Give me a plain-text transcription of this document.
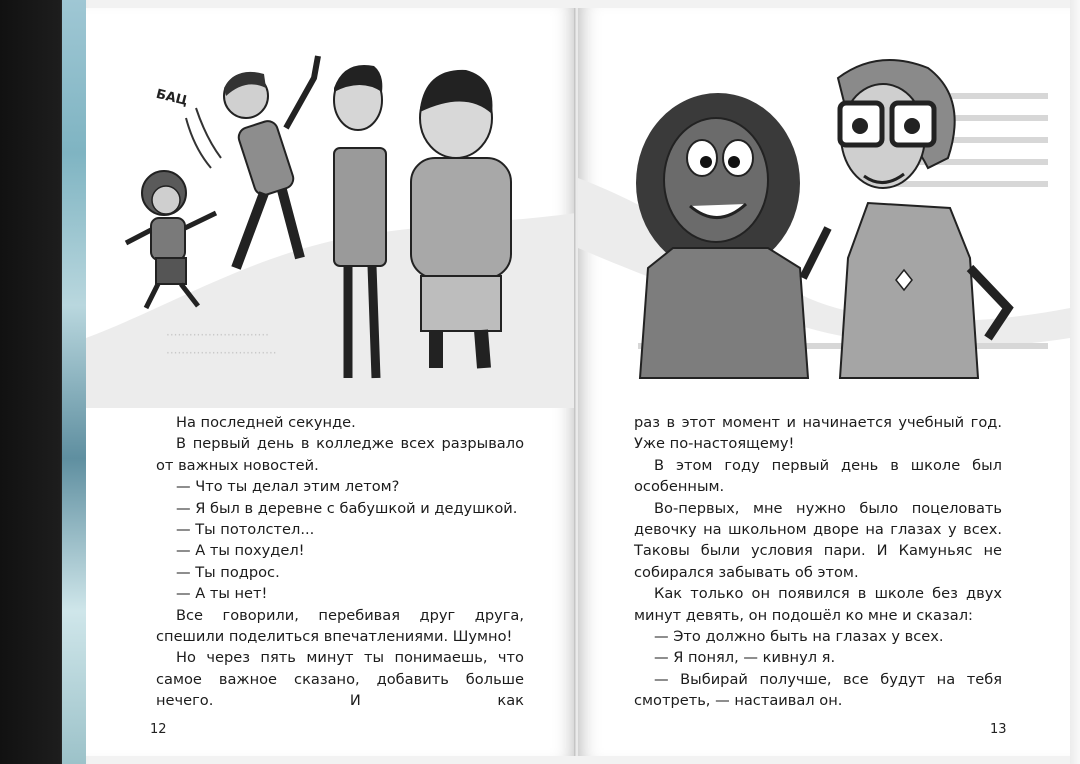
БАЦ
···························
·····························

На последней секунде.

В первый день в колледже всех разрывало от важных новостей.

— Что ты делал этим летом?

— Я был в деревне с бабушкой и дедушкой.

— Ты потолстел...

— А ты похудел!

— Ты подрос.

— А ты нет!

Все говорили, перебивая друг друга, спешили поделиться впечатлениями. Шумно!

Но через пять минут ты понимаешь, что самое важное сказано, добавить больше нечего. И как

12

раз в этот момент и начинается учебный год. Уже по-настоящему!

В этом году первый день в школе был особенным.

Во-первых, мне нужно было поцеловать девочку на школьном дворе на глазах у всех. Таковы были условия пари. И Камуньяс не собирался забывать об этом.

Как только он появился в школе без двух минут девять, он подошёл ко мне и сказал:

— Это должно быть на глазах у всех.

— Я понял, — кивнул я.

— Выбирай получше, все будут на тебя смотреть, — настаивал он.

13
